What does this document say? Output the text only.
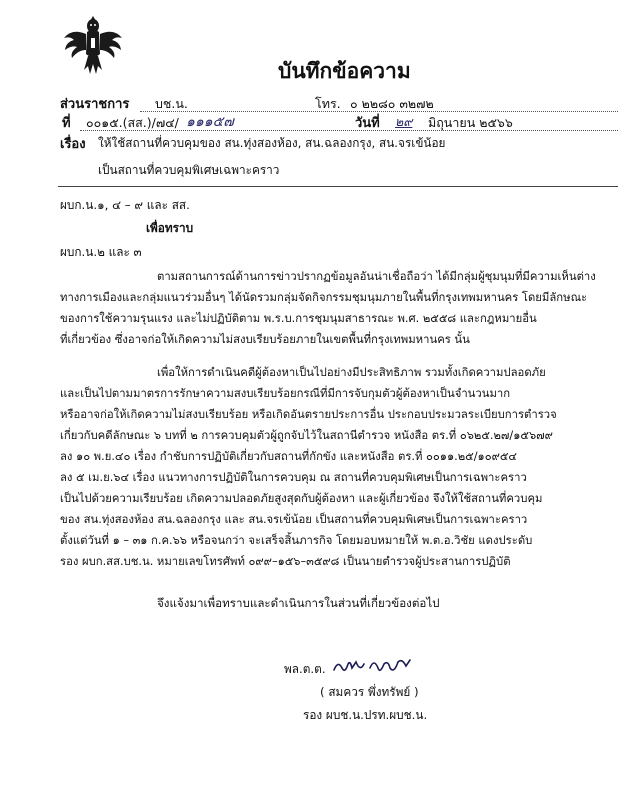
บันทึกข้อความ
ส่วนราชการ บช.น.	โทร. ๐ ๒๒๘๐ ๓๒๗๒
ที่ ๐๐๑๕.(สส.)/๗๔/ ๑๑๑๕๗	วันที่ ๒๙ มิถุนายน ๒๕๖๖
เรื่อง ให้ใช้สถานที่ควบคุมของ สน.ทุ่งสองห้อง, สน.ฉลองกรุง, สน.จรเข้น้อย
เป็นสถานที่ควบคุมพิเศษเฉพาะคราว
ผบก.น.๑, ๔ – ๙ และ สส.
เพื่อทราบ
ผบก.น.๒ และ ๓

ตามสถานการณ์ด้านการข่าวปรากฏข้อมูลอันน่าเชื่อถือว่า ได้มีกลุ่มผู้ชุมนุมที่มีความเห็นต่าง

ทางการเมืองและกลุ่มแนวร่วมอื่นๆ ได้นัดรวมกลุ่มจัดกิจกรรมชุมนุมภายในพื้นที่กรุงเทพมหานคร โดยมีลักษณะ

ของการใช้ความรุนแรง และไม่ปฏิบัติตาม พ.ร.บ.การชุมนุมสาธารณะ พ.ศ. ๒๕๕๘ และกฎหมายอื่น

ที่เกี่ยวข้อง ซึ่งอาจก่อให้เกิดความไม่สงบเรียบร้อยภายในเขตพื้นที่กรุงเทพมหานคร นั้น

เพื่อให้การดำเนินคดีผู้ต้องหาเป็นไปอย่างมีประสิทธิภาพ รวมทั้งเกิดความปลอดภัย

และเป็นไปตามมาตรการรักษาความสงบเรียบร้อยกรณีที่มีการจับกุมตัวผู้ต้องหาเป็นจำนวนมาก

หรืออาจก่อให้เกิดความไม่สงบเรียบร้อย หรือเกิดอันตรายประการอื่น ประกอบประมวลระเบียบการตำรวจ

เกี่ยวกับคดีลักษณะ ๖ บทที่ ๒ การควบคุมตัวผู้ถูกจับไว้ในสถานีตำรวจ หนังสือ ตร.ที่ ๐๖๒๕.๒๗/๑๕๖๗๙

ลง ๑๐ พ.ย.๔๐ เรื่อง กำชับการปฏิบัติเกี่ยวกับสถานที่กักขัง และหนังสือ ตร.ที่ ๐๐๑๑.๒๕/๑๐๙๕๔

ลง ๕ เม.ย.๖๔ เรื่อง แนวทางการปฏิบัติในการควบคุม ณ สถานที่ควบคุมพิเศษเป็นการเฉพาะคราว

เป็นไปด้วยความเรียบร้อย เกิดความปลอดภัยสูงสุดกับผู้ต้องหา และผู้เกี่ยวข้อง จึงให้ใช้สถานที่ควบคุม

ของ สน.ทุ่งสองห้อง สน.ฉลองกรุง และ สน.จรเข้น้อย เป็นสถานที่ควบคุมพิเศษเป็นการเฉพาะคราว

ตั้งแต่วันที่ ๑ – ๓๑ ก.ค.๖๖ หรือจนกว่า จะเสร็จสิ้นภารกิจ โดยมอบหมายให้ พ.ต.อ.วิชัย แดงประดับ

รอง ผบก.สส.บช.น. หมายเลขโทรศัพท์ ๐๙๙–๑๕๖–๓๕๙๘ เป็นนายตำรวจผู้ประสานการปฏิบัติ

จึงแจ้งมาเพื่อทราบและดำเนินการในส่วนที่เกี่ยวข้องต่อไป
พล.ต.ต.
( สมควร พึ่งทรัพย์ )
รอง ผบช.น.ปรท.ผบช.น.
